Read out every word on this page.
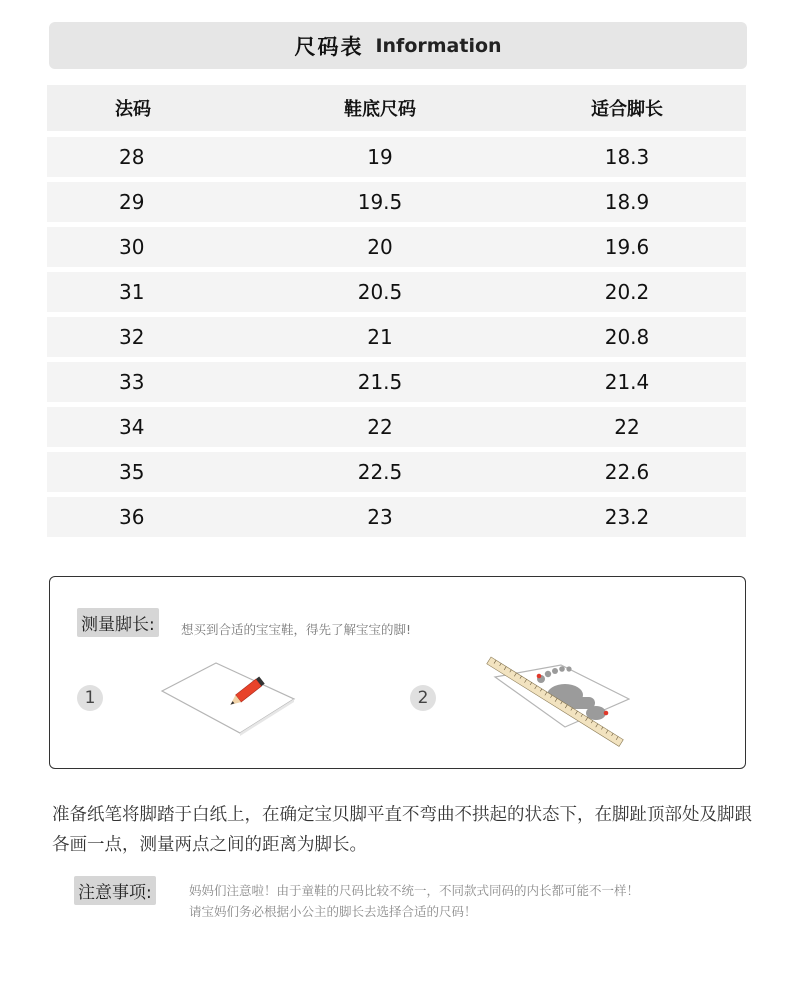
尺码表 Information
法码	鞋底尺码	适合脚长
28	19	18.3
29	19.5	18.9
30	20	19.6
31	20.5	20.2
32	21	20.8
33	21.5	21.4
34	22	22
35	22.5	22.6
36	23	23.2
测量脚长:	想买到合适的宝宝鞋，得先了解宝宝的脚!
1	2
准备纸笔将脚踏于白纸上，在确定宝贝脚平直不弯曲不拱起的状态下，在脚趾顶部处及脚跟各画一点，测量两点之间的距离为脚长。
注意事项:	妈妈们注意啦！由于童鞋的尺码比较不统一，不同款式同码的内长都可能不一样！
请宝妈们务必根据小公主的脚长去选择合适的尺码！
